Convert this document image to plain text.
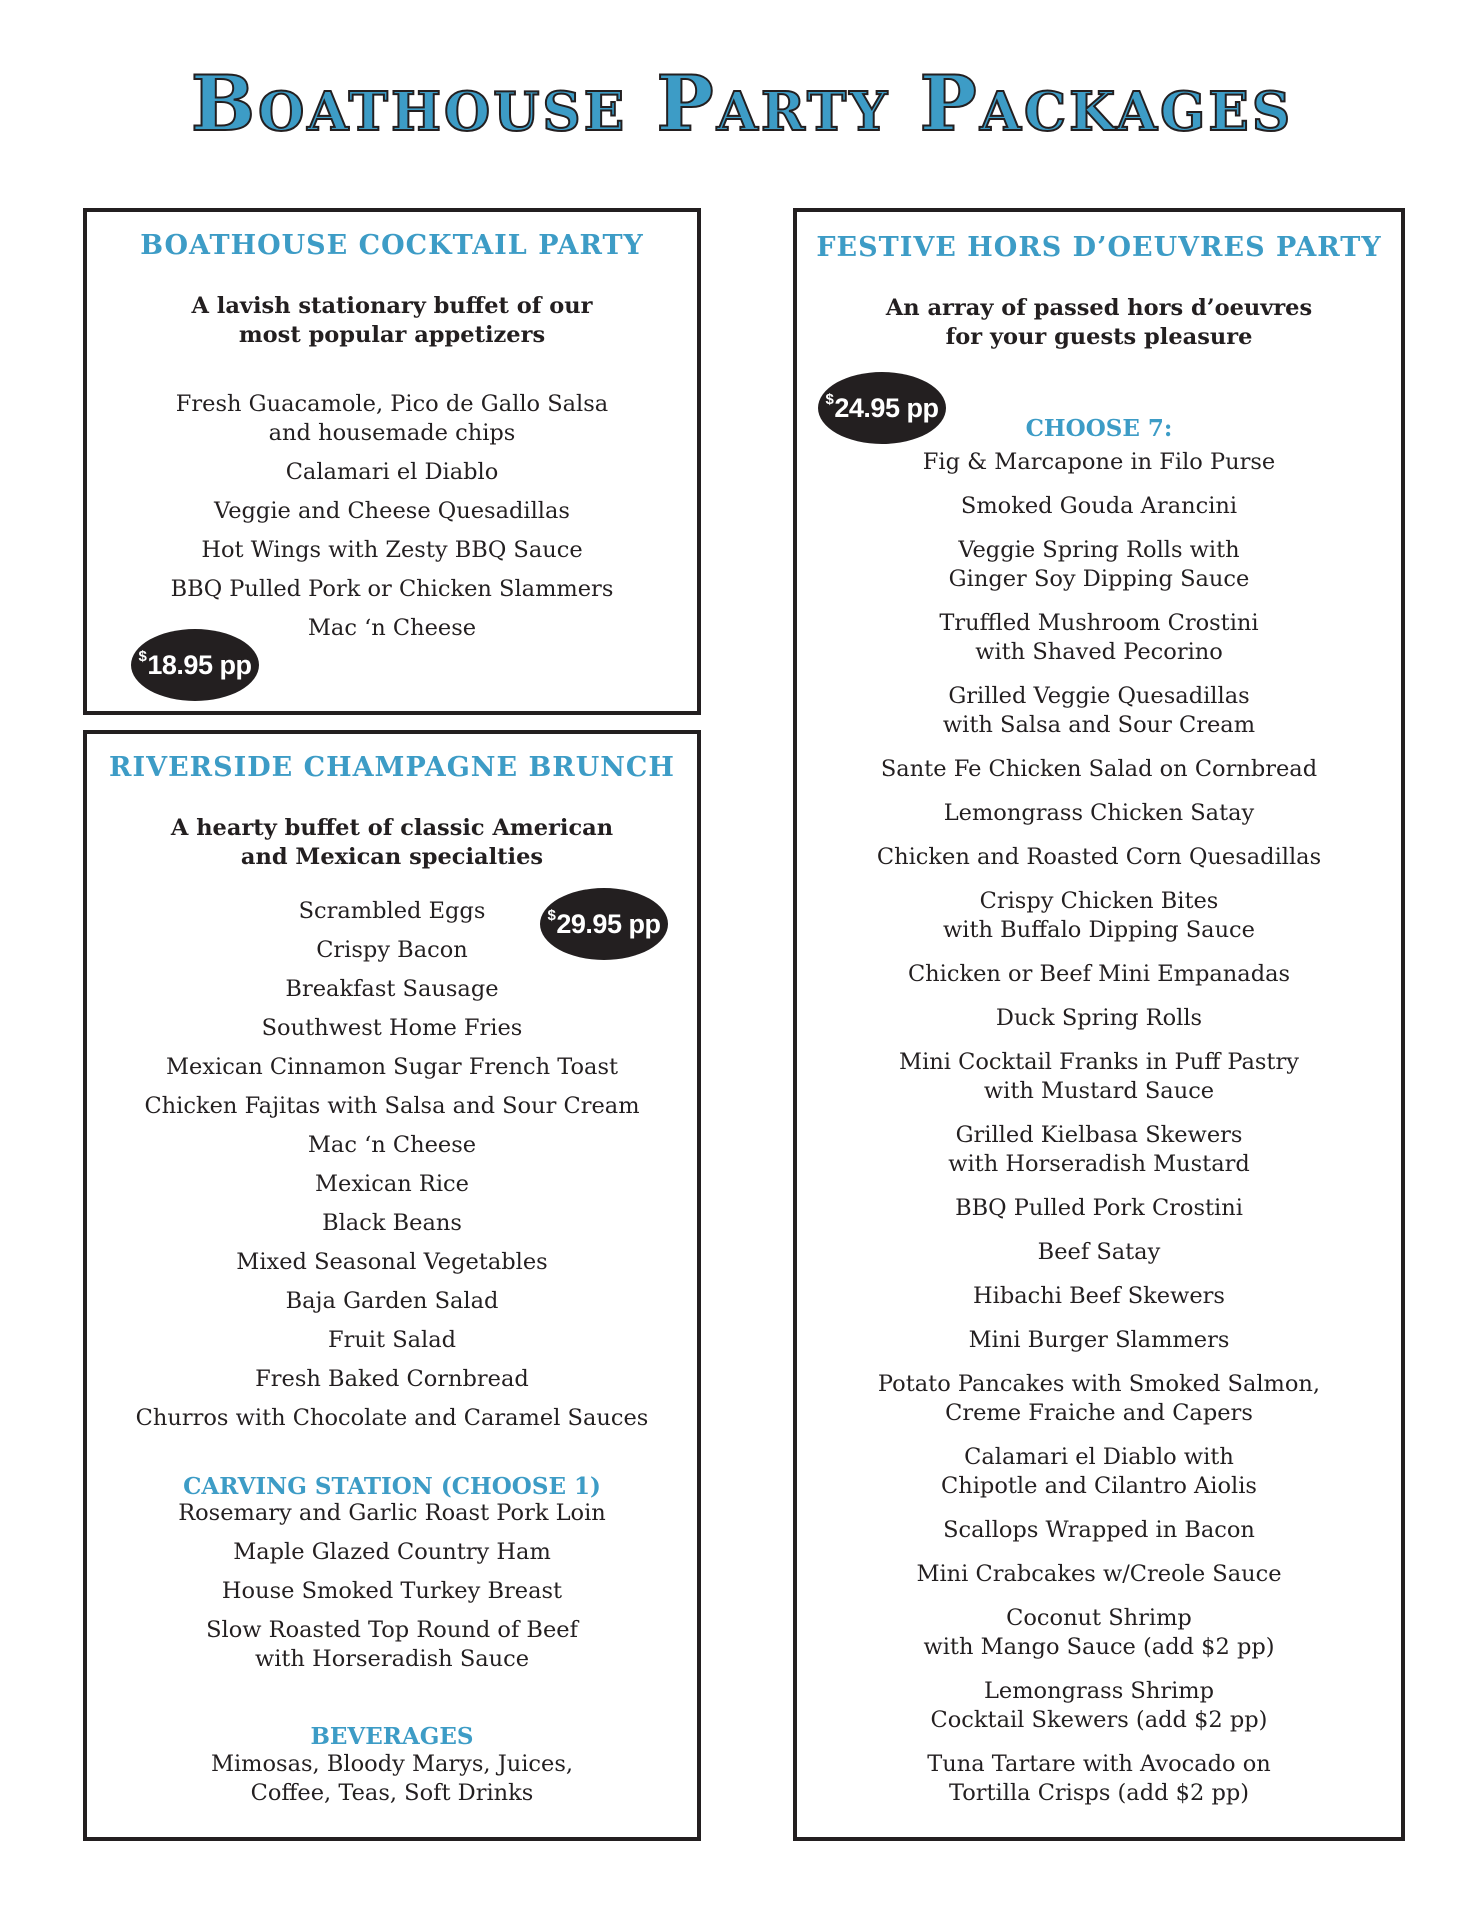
Boathouse Party Packages
BOATHOUSE COCKTAIL PARTY
A lavish stationary buffet of our
most popular appetizers
Fresh Guacamole, Pico de Gallo Salsa
and housemade chips
Calamari el Diablo
Veggie and Cheese Quesadillas
Hot Wings with Zesty BBQ Sauce
BBQ Pulled Pork or Chicken Slammers
Mac ‘n Cheese
$ 18.95 pp
RIVERSIDE CHAMPAGNE BRUNCH
A hearty buffet of classic American
and Mexican specialties
Scrambled Eggs
Crispy Bacon
Breakfast Sausage
Southwest Home Fries
Mexican Cinnamon Sugar French Toast
Chicken Fajitas with Salsa and Sour Cream
Mac ‘n Cheese
Mexican Rice
Black Beans
Mixed Seasonal Vegetables
Baja Garden Salad
Fruit Salad
Fresh Baked Cornbread
Churros with Chocolate and Caramel Sauces
$ 29.95 pp
CARVING STATION (CHOOSE 1)
Rosemary and Garlic Roast Pork Loin
Maple Glazed Country Ham
House Smoked Turkey Breast
Slow Roasted Top Round of Beef
with Horseradish Sauce
BEVERAGES
Mimosas, Bloody Marys, Juices,
Coffee, Teas, Soft Drinks
FESTIVE HORS D’OEUVRES PARTY
An array of passed hors d’oeuvres
for your guests pleasure
$ 24.95 pp
CHOOSE 7:
Fig & Marcapone in Filo Purse
Smoked Gouda Arancini
Veggie Spring Rolls with
Ginger Soy Dipping Sauce
Truffled Mushroom Crostini
with Shaved Pecorino
Grilled Veggie Quesadillas
with Salsa and Sour Cream
Sante Fe Chicken Salad on Cornbread
Lemongrass Chicken Satay
Chicken and Roasted Corn Quesadillas
Crispy Chicken Bites
with Buffalo Dipping Sauce
Chicken or Beef Mini Empanadas
Duck Spring Rolls
Mini Cocktail Franks in Puff Pastry
with Mustard Sauce
Grilled Kielbasa Skewers
with Horseradish Mustard
BBQ Pulled Pork Crostini
Beef Satay
Hibachi Beef Skewers
Mini Burger Slammers
Potato Pancakes with Smoked Salmon,
Creme Fraiche and Capers
Calamari el Diablo with
Chipotle and Cilantro Aiolis
Scallops Wrapped in Bacon
Mini Crabcakes w/Creole Sauce
Coconut Shrimp
with Mango Sauce (add $2 pp)
Lemongrass Shrimp
Cocktail Skewers (add $2 pp)
Tuna Tartare with Avocado on
Tortilla Crisps (add $2 pp)
